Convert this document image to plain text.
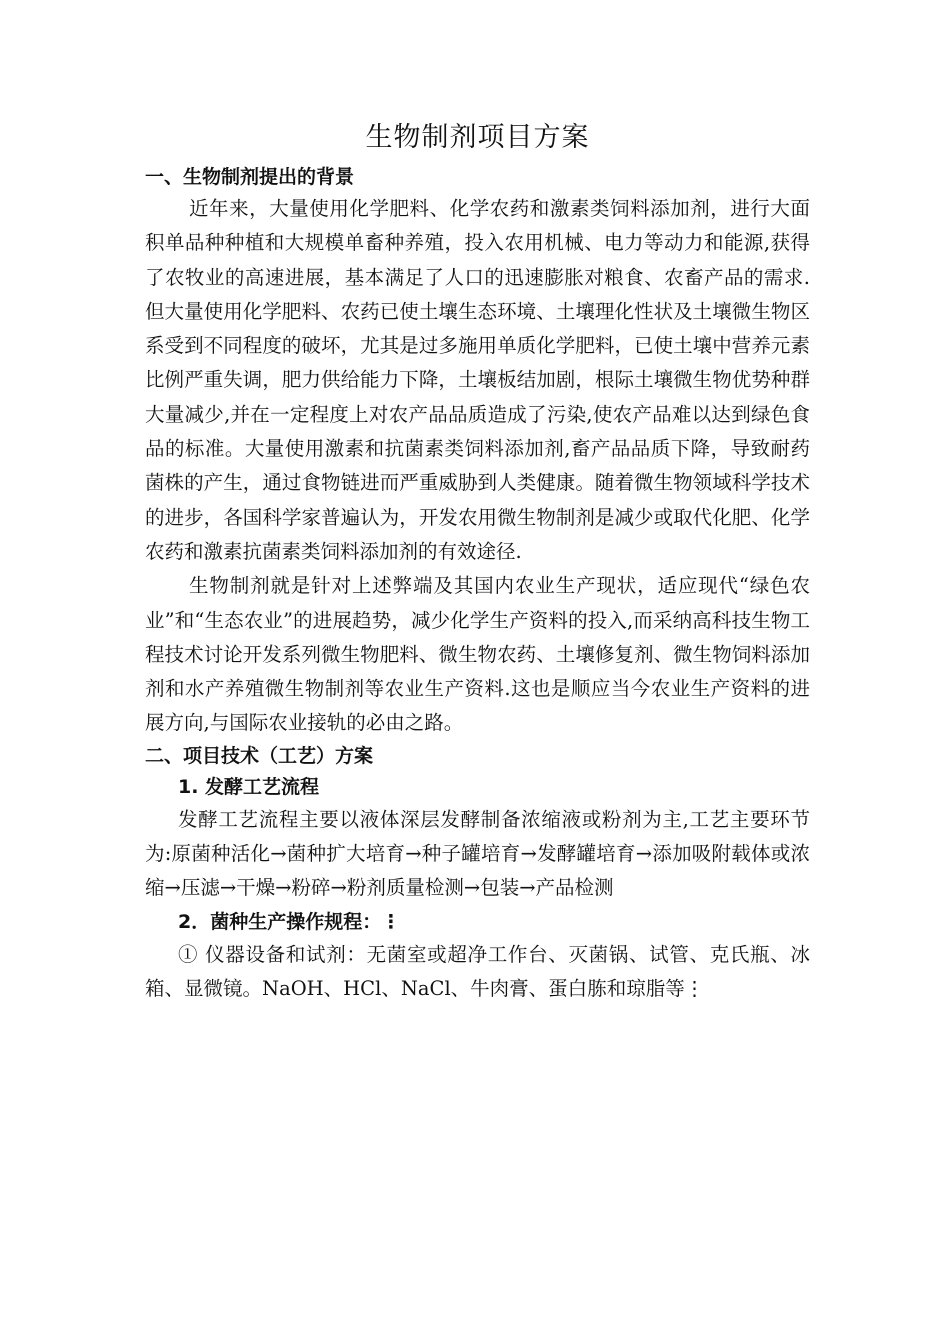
生物制剂项目方案
一、生物制剂提出的背景

近年来，大量使用化学肥料、化学农药和激素类饲料添加剂，进行大面积单品种种植和大规模单畜种养殖，投入农用机械、电力等动力和能源,获得了农牧业的高速进展，基本满足了人口的迅速膨胀对粮食、农畜产品的需求.但大量使用化学肥料、农药已使土壤生态环境、土壤理化性状及土壤微生物区系受到不同程度的破坏，尤其是过多施用单质化学肥料，已使土壤中营养元素比例严重失调，肥力供给能力下降，土壤板结加剧，根际土壤微生物优势种群大量减少,并在一定程度上对农产品品质造成了污染,使农产品难以达到绿色食品的标准。大量使用激素和抗菌素类饲料添加剂,畜产品品质下降，导致耐药菌株的产生，通过食物链进而严重威胁到人类健康。随着微生物领域科学技术的进步，各国科学家普遍认为，开发农用微生物制剂是减少或取代化肥、化学农药和激素抗菌素类饲料添加剂的有效途径.

生物制剂就是针对上述弊端及其国内农业生产现状，适应现代“绿色农业”和“生态农业”的进展趋势，减少化学生产资料的投入,而采纳高科技生物工程技术讨论开发系列微生物肥料、微生物农药、土壤修复剂、微生物饲料添加剂和水产养殖微生物制剂等农业生产资料.这也是顺应当今农业生产资料的进展方向,与国际农业接轨的必由之路。

二、项目技术（工艺）方案
1. 发酵工艺流程

发酵工艺流程主要以液体深层发酵制备浓缩液或粉剂为主,工艺主要环节为:原菌种活化→菌种扩大培育→种子罐培育→发酵罐培育→添加吸附载体或浓缩→压滤→干燥→粉碎→粉剂质量检测→包装→产品检测

2．菌种生产操作规程：⋮

① 仪器设备和试剂：无菌室或超净工作台、灭菌锅、试管、克氏瓶、冰箱、显微镜。NaOH、HCl、NaCl、牛肉膏、蛋白胨和琼脂等⋮
